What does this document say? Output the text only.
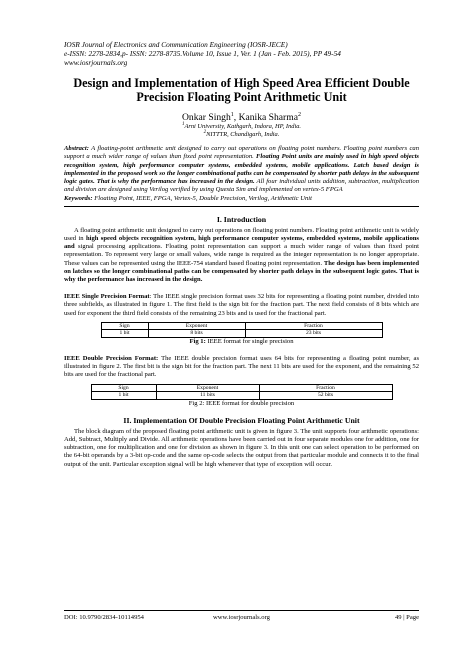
IOSR Journal of Electronics and Communication Engineering (IOSR-JECE)
e-ISSN: 2278-2834,p- ISSN: 2278-8735.Volume 10, Issue 1, Ver. 1 (Jan - Feb. 2015), PP 49-54
www.iosrjournals.org
Design and Implementation of High Speed Area Efficient Double
Precision Floating Point Arithmetic Unit
Onkar Singh$^1$, Kanika Sharma$^2$
$^1$Arni University, Kathgarh, Indora, HP, India.
$^2$NITTTR, Chandigarh, India.
Abstract: A floating-point arithmetic unit designed to carry out operations on floating point numbers. Floating point numbers can support a much wider range of values than fixed point representation. Floating Point units are mainly used in high speed objects recognition system, high performance computer systems, embedded systems, mobile applications. Latch based design is implemented in the proposed work so the longer combinational paths can be compensated by shorter path delays in the subsequent logic gates. That is why the performance has increased in the design. All four individual units addition, subtraction, multiplication and division are designed using Verilog verified by using Questa Sim and implemented on vertex-5 FPGA
Keywords: Floating Point, IEEE, FPGA, Vertex-5, Double Precision, Verilog, Arithmetic Unit
I. Introduction
A floating point arithmetic unit designed to carry out operations on floating point numbers. Floating point arithmetic unit is widely used in high speed objects recognition system, high performance computer systems, embedded systems, mobile applications and signal processing applications. Floating point representation can support a much wider range of values than fixed point representation. To represent very large or small values, wide range is required as the integer representation is no longer appropriate. These values can be represented using the IEEE-754 standard based floating point representation. The design has been implemented on latches so the longer combinational paths can be compensated by shorter path delays in the subsequent logic gates. That is why the performance has increased in the design.
IEEE Single Precision Format: The IEEE single precision format uses 32 bits for representing a floating point number, divided into three subfields, as illustrated in figure 1. The first field is the sign bit for the fraction part. The next field consists of 8 bits which are used for exponent the third field consists of the remaining 23 bits and is used for the fractional part.
Sign	Exponent	Fraction
1 bit	8 bits	23 bits
Fig 1: IEEE format for single precision
IEEE Double Precision Format: The IEEE double precision format uses 64 bits for representing a floating point number, as illustrated in figure 2. The first bit is the sign bit for the fraction part. The next 11 bits are used for the exponent, and the remaining 52 bits are used for the fractional part.
Sign	Exponent	Fraction
1 bit	11 bits	52 bits
Fig 2: IEEE format for double precision
II. Implementation Of Double Precision Floating Point Arithmetic Unit
The block diagram of the proposed floating point arithmetic unit is given in figure 3. The unit supports four arithmetic operations: Add, Subtract, Multiply and Divide. All arithmetic operations have been carried out in four separate modules one for addition, one for subtraction, one for multiplication and one for division as shown in figure 3. In this unit one can select operation to be performed on the 64-bit operands by a 3-bit op-code and the same op-code selects the output from that particular module and connects it to the final output of the unit. Particular exception signal will be high whenever that type of exception will occur.
DOI: 10.9790/2834-10114954	www.iosrjournals.org	49 | Page
